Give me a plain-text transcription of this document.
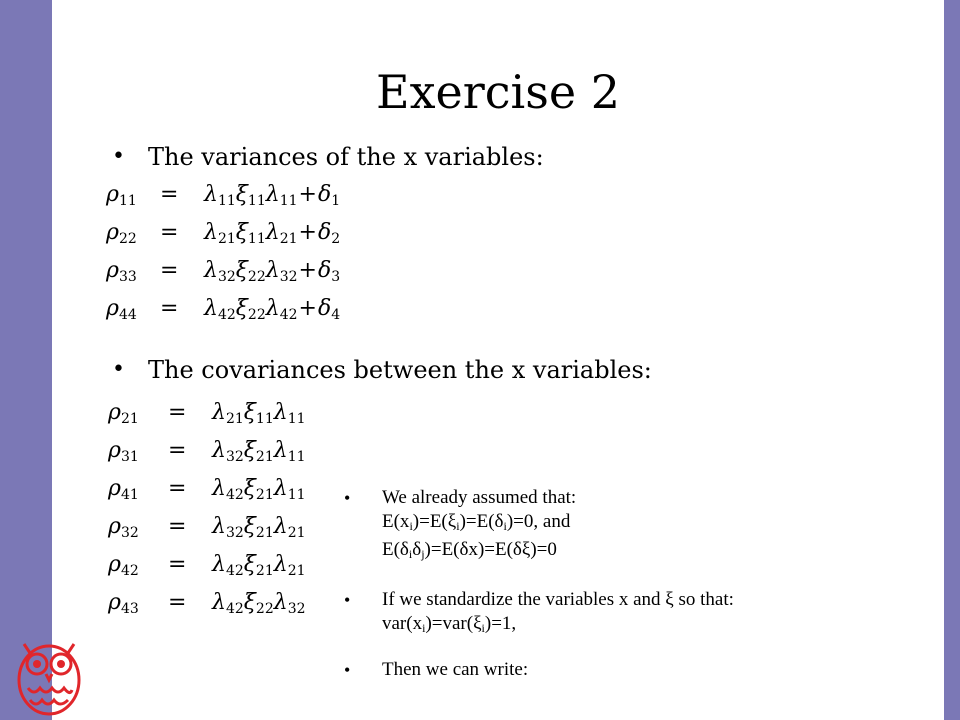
Exercise 2
• The variances of the x variables:
$\rho_{11} = \lambda_{11}\xi_{11}\lambda_{11}+\delta_1$
$\rho_{22} = \lambda_{21}\xi_{11}\lambda_{21}+\delta_2$
$\rho_{33} = \lambda_{32}\xi_{22}\lambda_{32}+\delta_3$
$\rho_{44} = \lambda_{42}\xi_{22}\lambda_{42}+\delta_4$
• The covariances between the x variables:
$\rho_{21} = \lambda_{21}\xi_{11}\lambda_{11}$
$\rho_{31} = \lambda_{32}\xi_{21}\lambda_{11}$
$\rho_{41} = \lambda_{42}\xi_{21}\lambda_{11}$
$\rho_{32} = \lambda_{32}\xi_{21}\lambda_{21}$
$\rho_{42} = \lambda_{42}\xi_{21}\lambda_{21}$
$\rho_{43} = \lambda_{42}\xi_{22}\lambda_{32}$
• We already assumed that:
$E(x_i)=E(\xi_i)=E(\delta_i)=0$, and
$E(\delta_i\delta_j)=E(\delta x)=E(\delta\xi)=0$
• If we standardize the variables x and ξ so that:
$var(x_i)=var(\xi_i)=1$,
• Then we can write:
